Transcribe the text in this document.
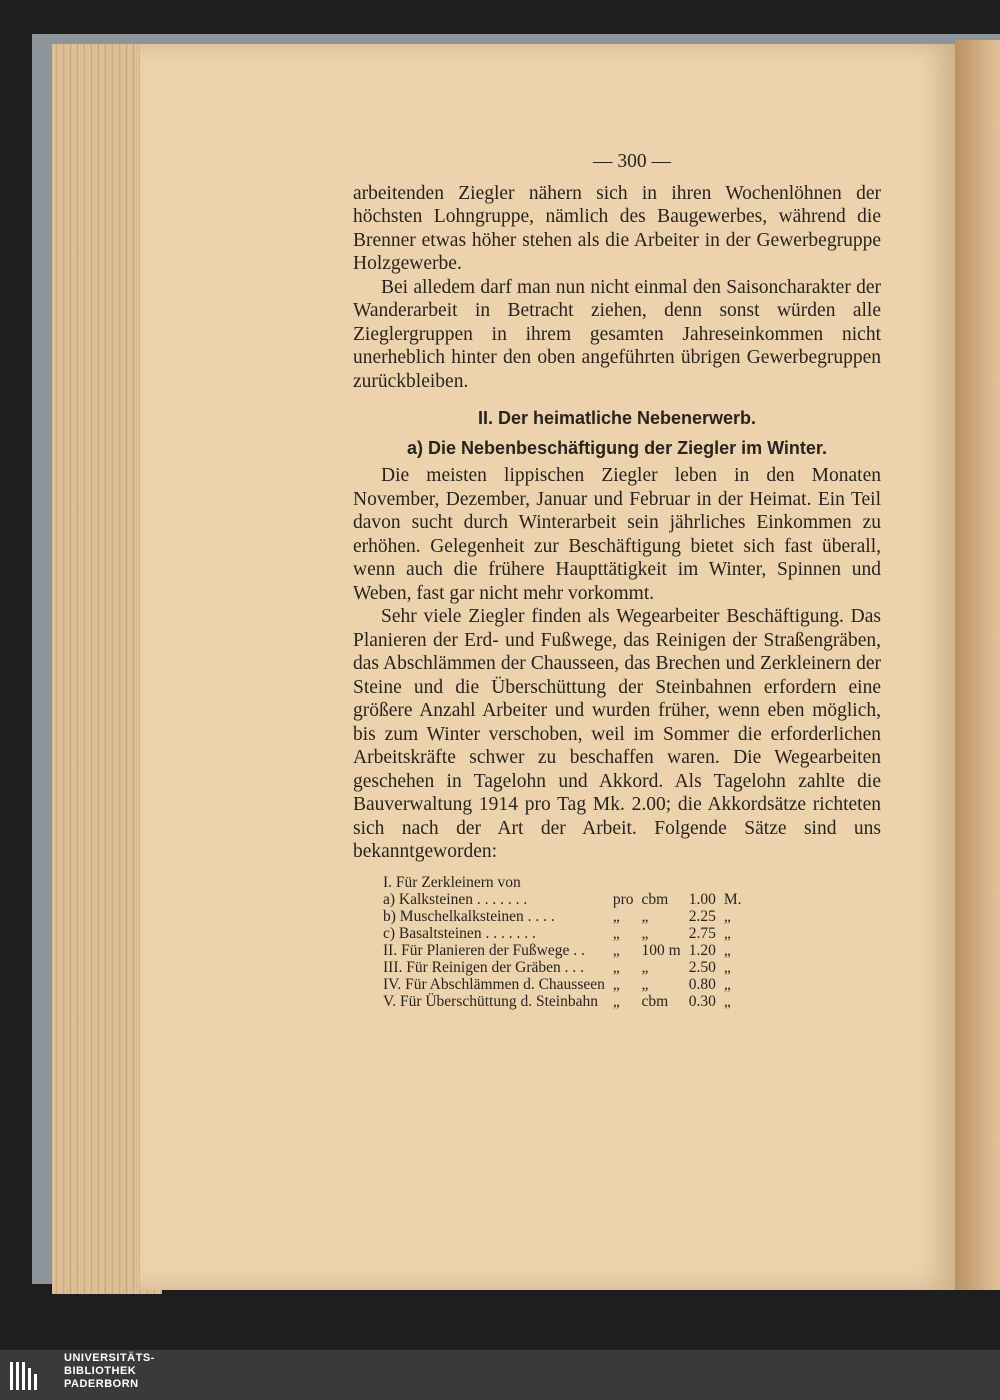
— 300 —

arbeitenden Ziegler nähern sich in ihren Wochenlöhnen der höchsten Lohngruppe, nämlich des Baugewerbes, während die Brenner etwas höher stehen als die Arbeiter in der Gewerbegruppe Holzgewerbe.

Bei alledem darf man nun nicht einmal den Saisoncharakter der Wanderarbeit in Betracht ziehen, denn sonst würden alle Zieglergruppen in ihrem gesamten Jahreseinkommen nicht unerheblich hinter den oben angeführten übrigen Gewerbegruppen zurückbleiben.

II. Der heimatliche Nebenerwerb.
a) Die Nebenbeschäftigung der Ziegler im Winter.

Die meisten lippischen Ziegler leben in den Monaten November, Dezember, Januar und Februar in der Heimat. Ein Teil davon sucht durch Winterarbeit sein jährliches Einkommen zu erhöhen. Gelegenheit zur Beschäftigung bietet sich fast überall, wenn auch die frühere Haupttätigkeit im Winter, Spinnen und Weben, fast gar nicht mehr vorkommt.

Sehr viele Ziegler finden als Wegearbeiter Beschäftigung. Das Planieren der Erd- und Fußwege, das Reinigen der Straßengräben, das Abschlämmen der Chausseen, das Brechen und Zerkleinern der Steine und die Überschüttung der Steinbahnen erfordern eine größere Anzahl Arbeiter und wurden früher, wenn eben möglich, bis zum Winter verschoben, weil im Sommer die erforderlichen Arbeitskräfte schwer zu beschaffen waren. Die Wegearbeiten geschehen in Tagelohn und Akkord. Als Tagelohn zahlte die Bauverwaltung 1914 pro Tag Mk. 2.00; die Akkordsätze richteten sich nach der Art der Arbeit. Folgende Sätze sind uns bekanntgeworden:

I. Für Zerkleinern von				
a) Kalksteinen . . . . . . .	pro	cbm	1.00	M.
b) Muschelkalksteinen . . . .	„	„	2.25	„
c) Basaltsteinen . . . . . . .	„	„	2.75	„
II. Für Planieren der Fußwege . .	„	100 m	1.20	„
III. Für Reinigen der Gräben . . .	„	„	2.50	„
IV. Für Abschlämmen d. Chausseen	„	„	0.80	„
V. Für Überschüttung d. Steinbahn	„	cbm	0.30	„
UNIVERSITÄTS-
BIBLIOTHEK
PADERBORN
